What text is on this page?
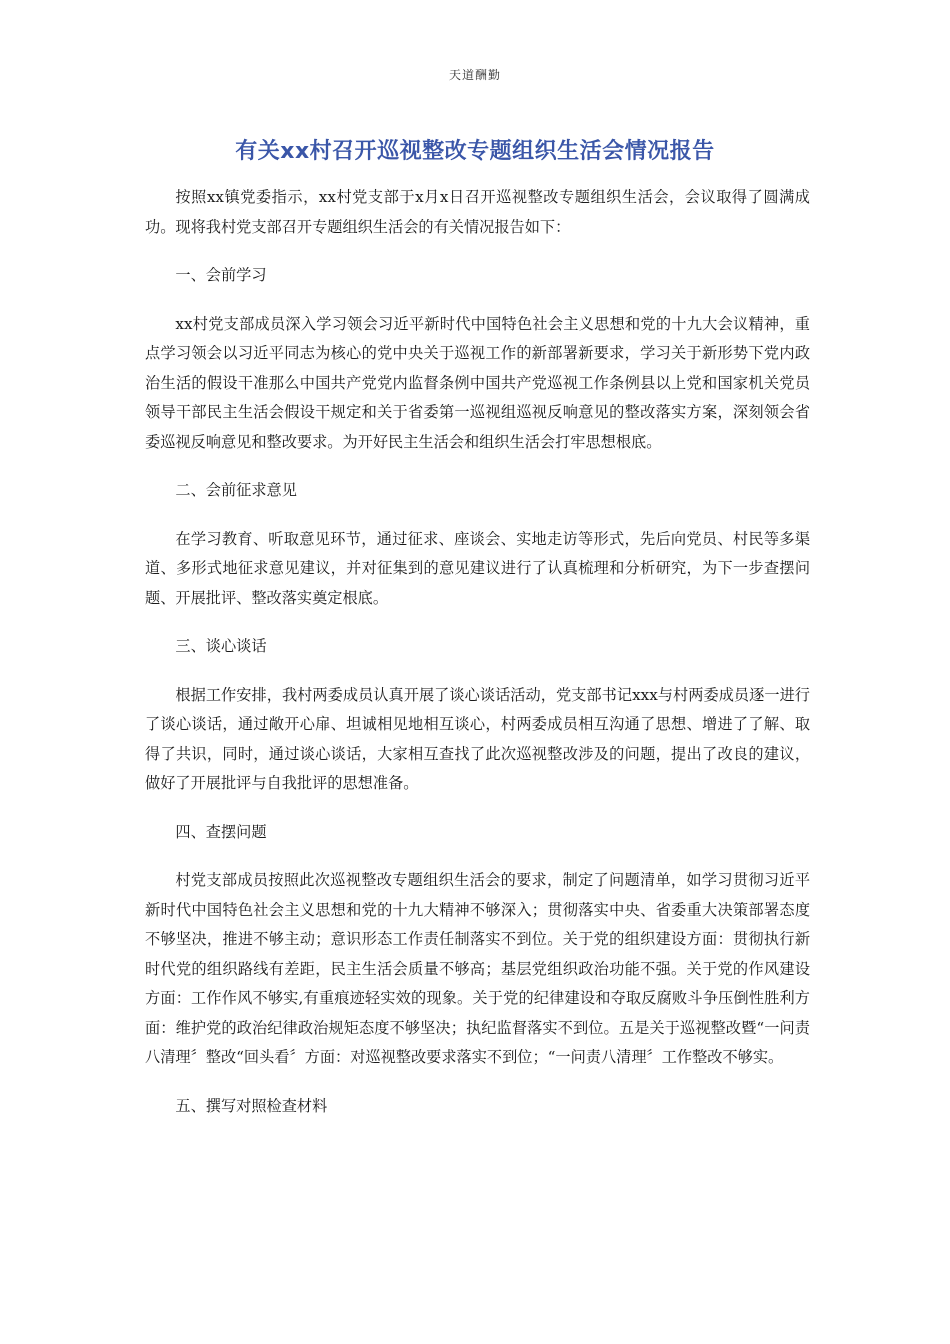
天道酬勤
有关xx村召开巡视整改专题组织生活会情况报告

按照xx镇党委指示，xx村党支部于x月x日召开巡视整改专题组织生活会，会议取得了圆满成功。现将我村党支部召开专题组织生活会的有关情况报告如下：

一、会前学习

xx村党支部成员深入学习领会习近平新时代中国特色社会主义思想和党的十九大会议精神，重点学习领会以习近平同志为核心的党中央关于巡视工作的新部署新要求，学习关于新形势下党内政治生活的假设干准那么中国共产党党内监督条例中国共产党巡视工作条例县以上党和国家机关党员领导干部民主生活会假设干规定和关于省委第一巡视组巡视反响意见的整改落实方案，深刻领会省委巡视反响意见和整改要求。为开好民主生活会和组织生活会打牢思想根底。

二、会前征求意见

在学习教育、听取意见环节，通过征求、座谈会、实地走访等形式，先后向党员、村民等多渠道、多形式地征求意见建议，并对征集到的意见建议进行了认真梳理和分析研究，为下一步查摆问题、开展批评、整改落实奠定根底。

三、谈心谈话

根据工作安排，我村两委成员认真开展了谈心谈话活动，党支部书记xxx与村两委成员逐一进行了谈心谈话，通过敞开心扉、坦诚相见地相互谈心，村两委成员相互沟通了思想、增进了了解、取得了共识，同时，通过谈心谈话，大家相互查找了此次巡视整改涉及的问题，提出了改良的建议，做好了开展批评与自我批评的思想准备。

四、查摆问题

村党支部成员按照此次巡视整改专题组织生活会的要求，制定了问题清单，如学习贯彻习近平新时代中国特色社会主义思想和党的十九大精神不够深入；贯彻落实中央、省委重大决策部署态度不够坚决，推进不够主动；意识形态工作责任制落实不到位。关于党的组织建设方面：贯彻执行新时代党的组织路线有差距，民主生活会质量不够高；基层党组织政治功能不强。关于党的作风建设方面：工作作风不够实,有重痕迹轻实效的现象。关于党的纪律建设和夺取反腐败斗争压倒性胜利方面：维护党的政治纪律政治规矩态度不够坚决；执纪监督落实不到位。五是关于巡视整改暨“一问责八清理〞整改“回头看〞方面：对巡视整改要求落实不到位；“一问责八清理〞工作整改不够实。

五、撰写对照检查材料
